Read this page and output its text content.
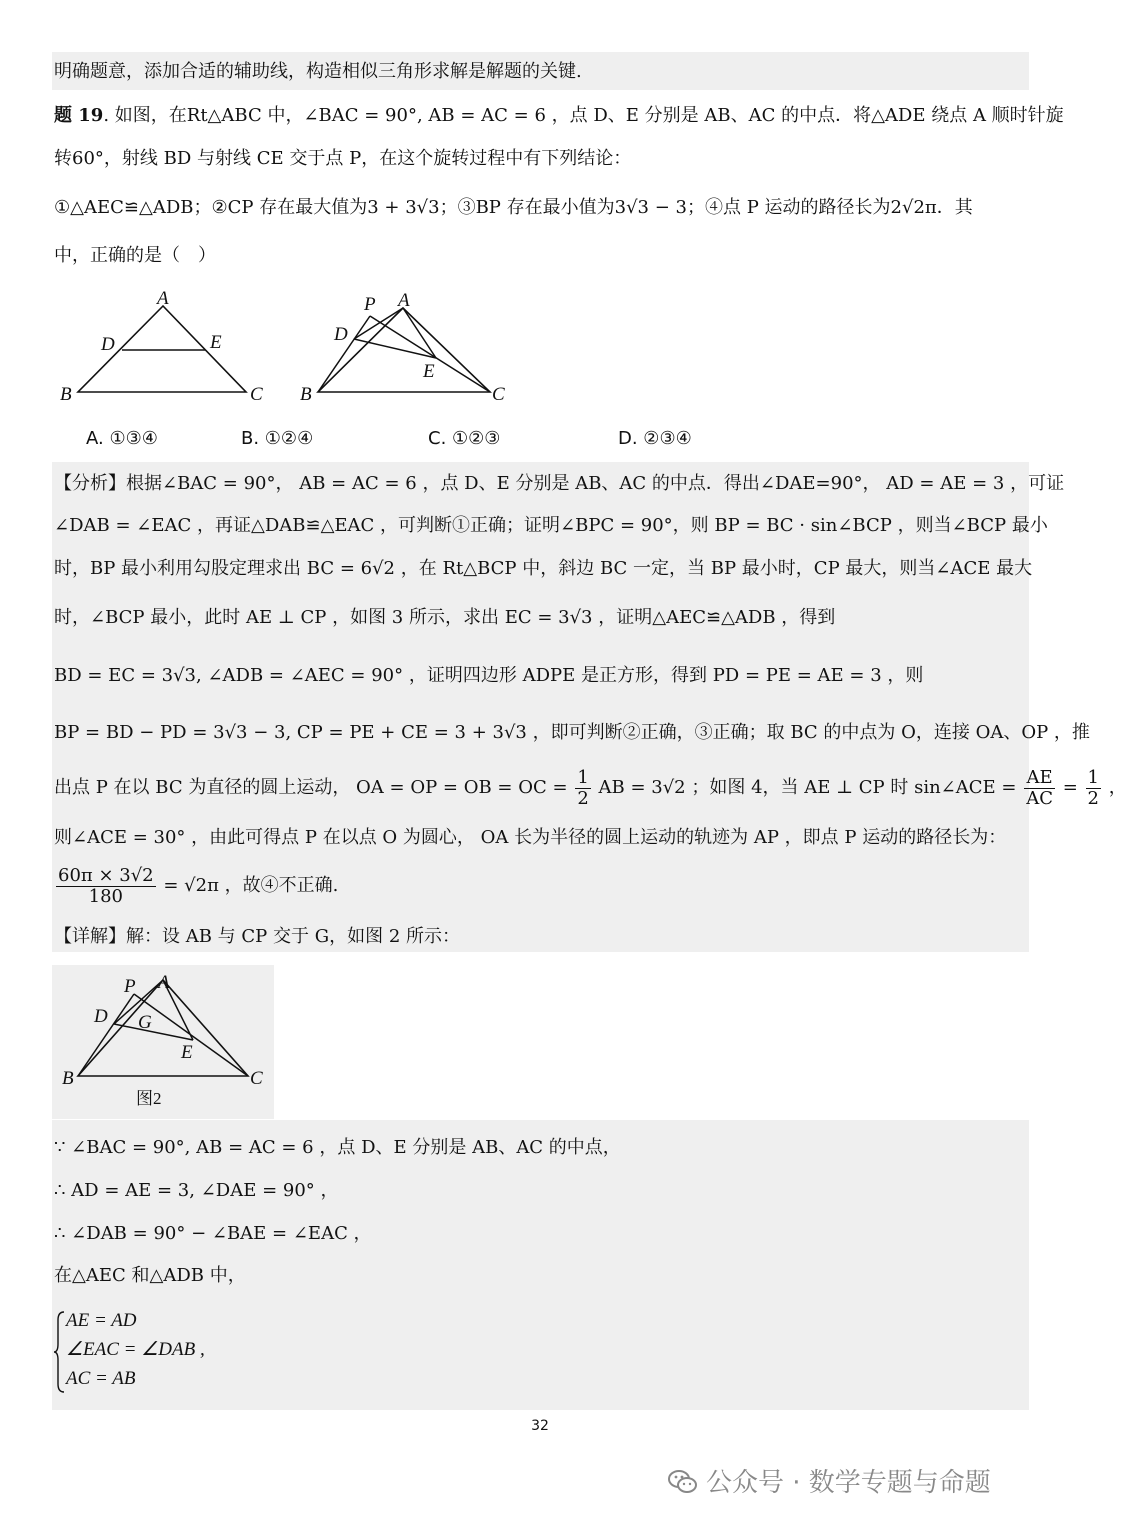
明确题意，添加合适的辅助线，构造相似三角形求解是解题的关键.
题 19. 如图，在Rt△ABC 中，∠BAC = 90°, AB = AC = 6 ，点 D、E 分别是 AB、AC 的中点．将△ADE 绕点 A 顺时针旋
转60°，射线 BD 与射线 CE 交于点 P，在这个旋转过程中有下列结论：
①△AEC≌△ADB；②CP 存在最大值为3 + 3√3；③BP 存在最小值为3√3 − 3；④点 P 运动的路径长为2√2π．其
中，正确的是（　）
A
B	C
D	E
P A
B	C
D
E
A. ①③④	B. ①②④	C. ①②③	D. ②③④
【分析】根据∠BAC = 90°， AB = AC = 6 ，点 D、E 分别是 AB、AC 的中点．得出∠DAE=90°， AD = AE = 3 ，可证
∠DAB = ∠EAC ，再证△DAB≌△EAC ，可判断①正确；证明∠BPC = 90°，则 BP = BC · sin∠BCP ，则当∠BCP 最小
时，BP 最小利用勾股定理求出 BC = 6√2 ，在 Rt△BCP 中，斜边 BC 一定，当 BP 最小时，CP 最大，则当∠ACE 最大
时，∠BCP 最小，此时 AE ⊥ CP ，如图 3 所示，求出 EC = 3√3 ，证明△AEC≌△ADB ，得到
BD = EC = 3√3, ∠ADB = ∠AEC = 90° ，证明四边形 ADPE 是正方形，得到 PD = PE = AE = 3 ，则
BP = BD − PD = 3√3 − 3, CP = PE + CE = 3 + 3√3 ，即可判断②正确，③正确；取 BC 的中点为 O，连接 OA、OP ，推
出点 P 在以 BC 为直径的圆上运动， OA = OP = OB = OC = $\frac{1}{2}$ AB = 3√2 ；如图 4，当 AE ⊥ CP 时 sin∠ACE = $\frac{AE}{AC} = \frac{1}{2}$ ，
则∠ACE = 30° ，由此可得点 P 在以点 O 为圆心， OA 长为半径的圆上运动的轨迹为 AP ，即点 P 运动的路径长为：
$\frac{60\pi \times 3√2}{180} = √2\pi$ ，故④不正确.
【详解】解：设 AB 与 CP 交于 G，如图 2 所示：
P A
B	C
D
E
G
图2
∵ ∠BAC = 90°, AB = AC = 6 ，点 D、E 分别是 AB、AC 的中点，
∴ AD = AE = 3, ∠DAE = 90° ，
∴ ∠DAB = 90° − ∠BAE = ∠EAC ，
在△AEC 和△ADB 中，
AE = AD
∠EAC = ∠DAB ,
AC = AB
32
公众号 · 数学专题与命题
